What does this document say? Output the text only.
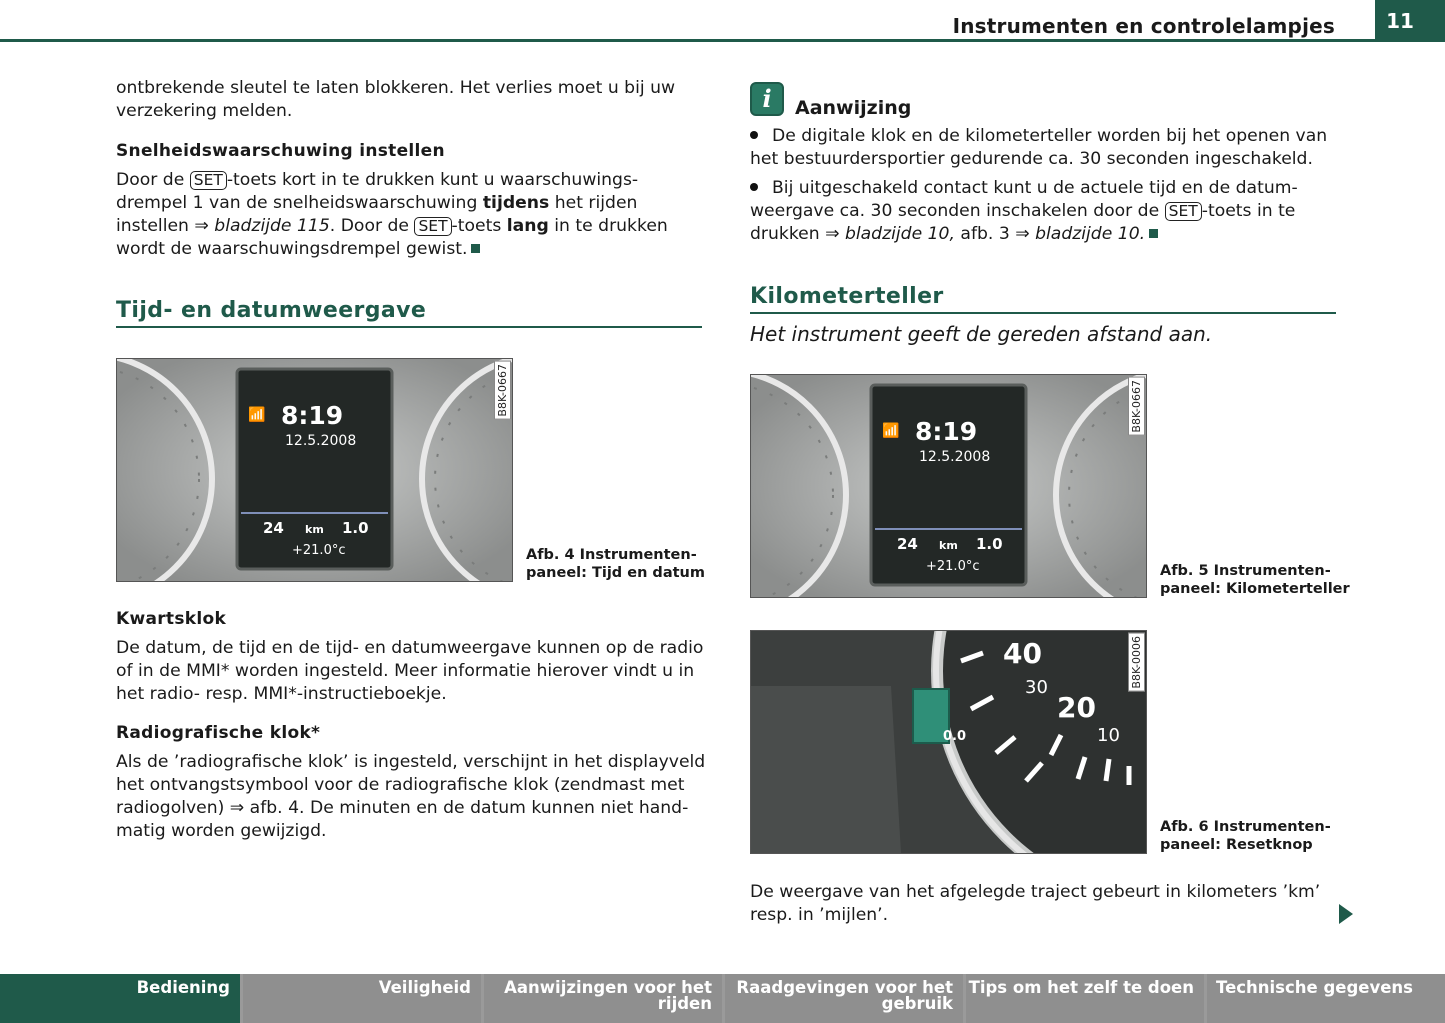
Instrumenten en controlelampjes	11
ontbrekende sleutel te laten blokkeren. Het verlies moet u bij uw
verzekering melden.
Snelheidswaarschuwing instellen
Door de SET -toets kort in te drukken kunt u waarschuwings-
drempel 1 van de snelheidswaarschuwing tijdens het rijden
instellen ⇒ bladzijde 115. Door de SET -toets lang in te drukken
wordt de waarschuwingsdrempel gewist.
Tijd- en datumweergave
📶 8:19
12.5.2008
24 km 1.0
+21.0°c
B8K-0667
Afb. 4 Instrumenten-
paneel: Tijd en datum
Kwartsklok
De datum, de tijd en de tijd- en datumweergave kunnen op de radio
of in de MMI* worden ingesteld. Meer informatie hierover vindt u in
het radio- resp. MMI*-instructieboekje.
Radiografische klok*
Als de ’radiografische klok’ is ingesteld, verschijnt in het displayveld
het ontvangstsymbool voor de radiografische klok (zendmast met
radiogolven) ⇒ afb. 4. De minuten en de datum kunnen niet hand-
matig worden gewijzigd.
i	Aanwijzing
De digitale klok en de kilometerteller worden bij het openen van
het bestuurdersportier gedurende ca. 30 seconden ingeschakeld.
Bij uitgeschakeld contact kunt u de actuele tijd en de datum-
weergave ca. 30 seconden inschakelen door de SET -toets in te
drukken ⇒ bladzijde 10, afb. 3 ⇒ bladzijde 10.
Kilometerteller
Het instrument geeft de gereden afstand aan.
📶 8:19
12.5.2008
24 km 1.0
+21.0°c
B8K-0667
Afb. 5 Instrumenten-
paneel: Kilometerteller
40
30
20
10
0.0
B8K-0006
Afb. 6 Instrumenten-
paneel: Resetknop
De weergave van het afgelegde traject gebeurt in kilometers ’km’
resp. in ’mijlen’.
Bediening	Veiligheid	Aanwijzingen voor het
rijden
Raadgevingen voor het
gebruik
Tips om het zelf te doen	Technische gegevens
